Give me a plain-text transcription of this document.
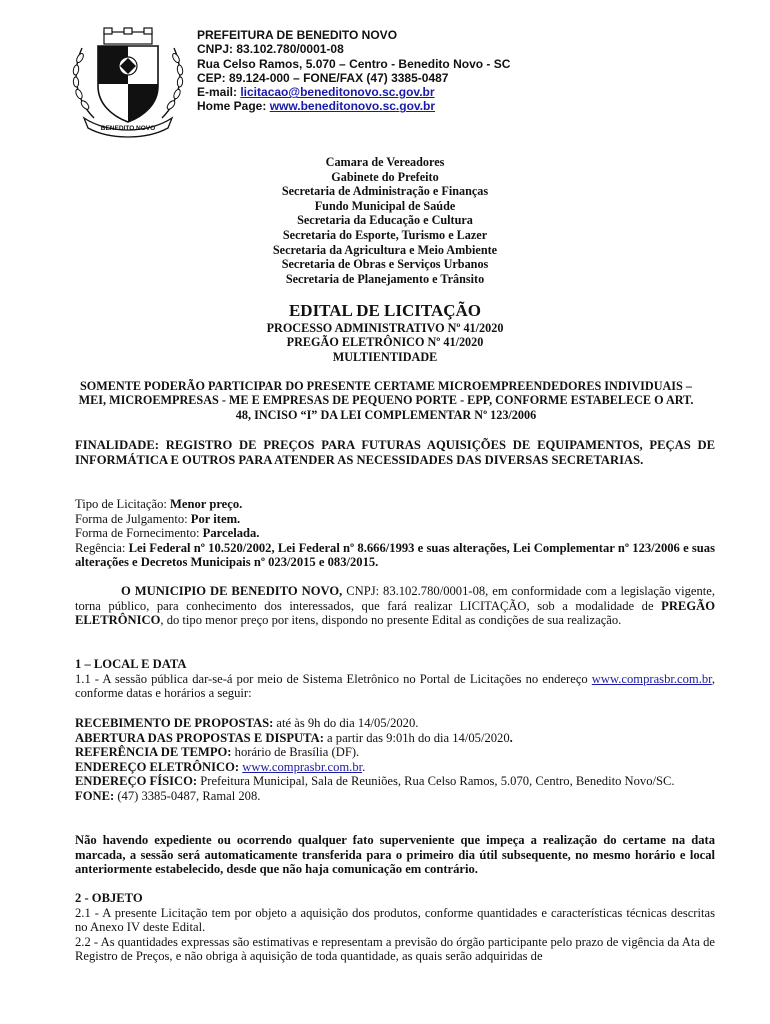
BENEDITO NOVO
PREFEITURA DE BENEDITO NOVO
CNPJ: 83.102.780/0001-08
Rua Celso Ramos, 5.070 – Centro - Benedito Novo - SC
CEP: 89.124-000 – FONE/FAX (47) 3385-0487
E-mail: licitacao@beneditonovo.sc.gov.br
Home Page: www.beneditonovo.sc.gov.br
Camara de Vereadores
Gabinete do Prefeito
Secretaria de Administração e Finanças
Fundo Municipal de Saúde
Secretaria da Educação e Cultura
Secretaria do Esporte, Turismo e Lazer
Secretaria da Agricultura e Meio Ambiente
Secretaria de Obras e Serviços Urbanos
Secretaria de Planejamento e Trânsito
EDITAL DE LICITAÇÃO
PROCESSO ADMINISTRATIVO Nº 41/2020
PREGÃO ELETRÔNICO Nº 41/2020
MULTIENTIDADE
SOMENTE PODERÃO PARTICIPAR DO PRESENTE CERTAME MICROEMPREENDEDORES INDIVIDUAIS – MEI, MICROEMPRESAS - ME E EMPRESAS DE PEQUENO PORTE - EPP, CONFORME ESTABELECE O ART. 48, INCISO “I” DA LEI COMPLEMENTAR Nº 123/2006
FINALIDADE: REGISTRO DE PREÇOS PARA FUTURAS AQUISIÇÕES DE EQUIPAMENTOS, PEÇAS DE INFORMÁTICA E OUTROS PARA ATENDER AS NECESSIDADES DAS DIVERSAS SECRETARIAS.
Tipo de Licitação: Menor preço.
Forma de Julgamento: Por item.
Forma de Fornecimento: Parcelada.
Regência: Lei Federal nº 10.520/2002, Lei Federal nº 8.666/1993 e suas alterações, Lei Complementar nº 123/2006 e suas alterações e Decretos Municipais nº 023/2015 e 083/2015.

O MUNICIPIO DE BENEDITO NOVO, CNPJ: 83.102.780/0001-08, em conformidade com a legislação vigente, torna público, para conhecimento dos interessados, que fará realizar LICITAÇÃO, sob a modalidade de PREGÃO ELETRÔNICO, do tipo menor preço por itens, dispondo no presente Edital as condições de sua realização.

1 – LOCAL E DATA

1.1 - A sessão pública dar-se-á por meio de Sistema Eletrônico no Portal de Licitações no endereço www.comprasbr.com.br, conforme datas e horários a seguir:

RECEBIMENTO DE PROPOSTAS: até às 9h do dia 14/05/2020.
ABERTURA DAS PROPOSTAS E DISPUTA: a partir das 9:01h do dia 14/05/2020.
REFERÊNCIA DE TEMPO: horário de Brasília (DF).
ENDEREÇO ELETRÔNICO: www.comprasbr.com.br.
ENDEREÇO FÍSICO: Prefeitura Municipal, Sala de Reuniões, Rua Celso Ramos, 5.070, Centro, Benedito Novo/SC.
FONE: (47) 3385-0487, Ramal 208.
Não havendo expediente ou ocorrendo qualquer fato superveniente que impeça a realização do certame na data marcada, a sessão será automaticamente transferida para o primeiro dia útil subsequente, no mesmo horário e local anteriormente estabelecido, desde que não haja comunicação em contrário.
2 - OBJETO

2.1 - A presente Licitação tem por objeto a aquisição dos produtos, conforme quantidades e características técnicas descritas no Anexo IV deste Edital.

2.2 - As quantidades expressas são estimativas e representam a previsão do órgão participante pelo prazo de vigência da Ata de Registro de Preços, e não obriga à aquisição de toda quantidade, as quais serão adquiridas de
